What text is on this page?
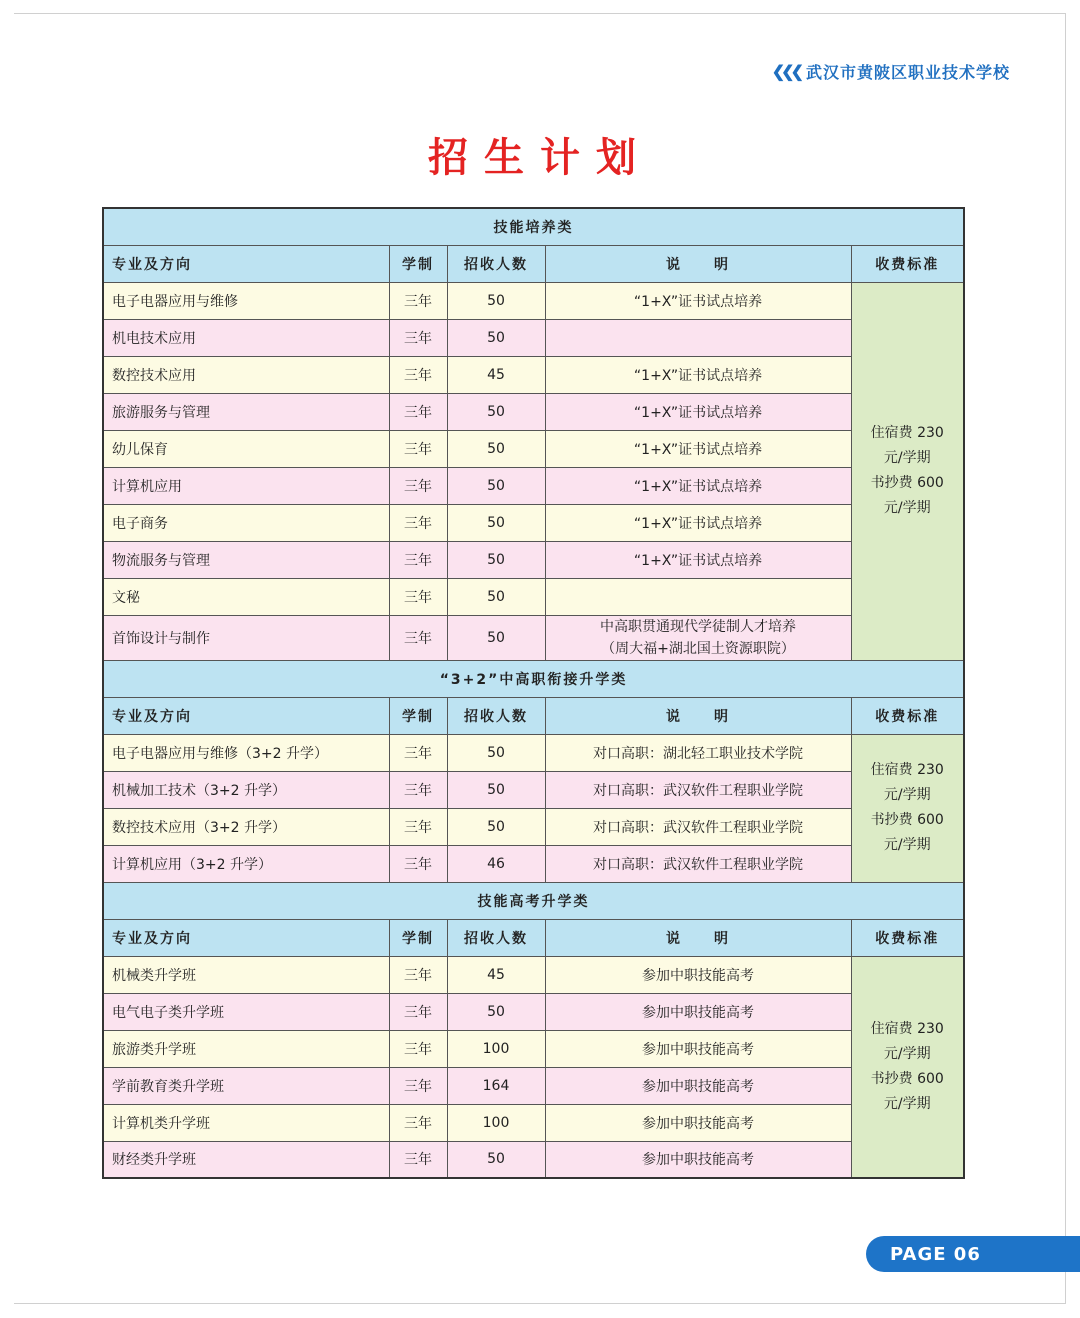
❮❮❮ 武汉市黄陂区职业技术学校
招生计划
技能培养类				
专业及方向	学制	招收人数	说　　明	收费标准
电子电器应用与维修	三年	50	“1+X”证书试点培养	住宿费 230
元/学期
书抄费 600
元/学期

机电技术应用	三年	50		
数控技术应用	三年	45	“1+X”证书试点培养	
旅游服务与管理	三年	50	“1+X”证书试点培养	
幼儿保育	三年	50	“1+X”证书试点培养	
计算机应用	三年	50	“1+X”证书试点培养	
电子商务	三年	50	“1+X”证书试点培养	
物流服务与管理	三年	50	“1+X”证书试点培养	
文秘	三年	50		
首饰设计与制作	三年	50	中高职贯通现代学徒制人才培养
（周大福+湖北国土资源职院）	

“3+2”中高职衔接升学类				
专业及方向	学制	招收人数	说　　明	收费标准
电子电器应用与维修（3+2 升学）	三年	50	对口高职：湖北轻工职业技术学院	住宿费 230
元/学期
书抄费 600
元/学期

机械加工技术（3+2 升学）	三年	50	对口高职：武汉软件工程职业学院	
数控技术应用（3+2 升学）	三年	50	对口高职：武汉软件工程职业学院	
计算机应用（3+2 升学）	三年	46	对口高职：武汉软件工程职业学院	
技能高考升学类				
专业及方向	学制	招收人数	说　　明	收费标准
机械类升学班	三年	45	参加中职技能高考	住宿费 230
元/学期
书抄费 600
元/学期

电气电子类升学班	三年	50	参加中职技能高考	
旅游类升学班	三年	100	参加中职技能高考	
学前教育类升学班	三年	164	参加中职技能高考	
计算机类升学班	三年	100	参加中职技能高考	
财经类升学班	三年	50	参加中职技能高考	
PAGE 06
